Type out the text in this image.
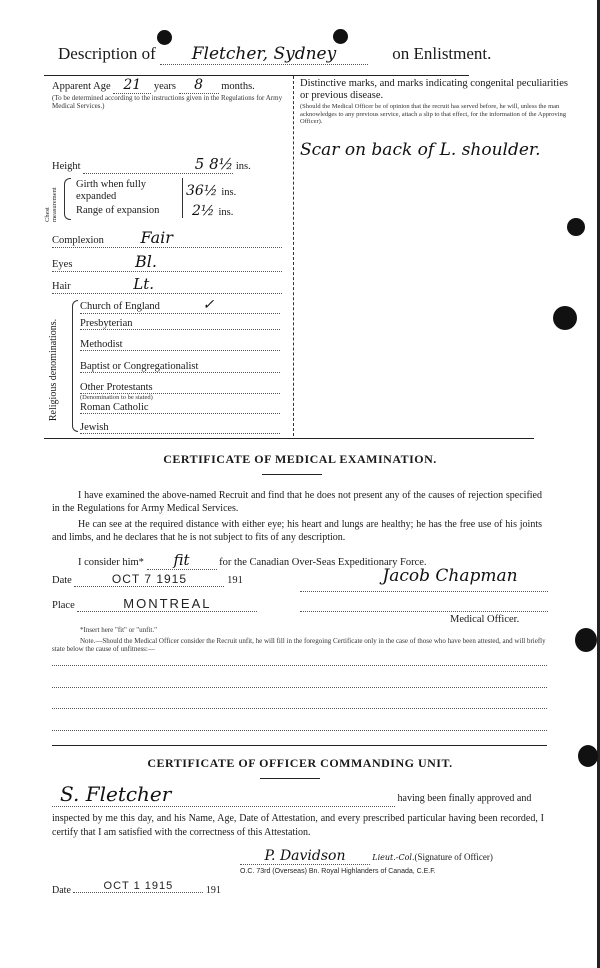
Description of Fletcher, Sydney	on Enlistment.
Apparent Age 21 years 8 months.
(To be determined according to the instructions given in the Regulations for Army Medical Services.)
Distinctive marks, and marks indicating congenital peculiarities or previous disease.
(Should the Medical Officer be of opinion that the recruit has served before, he will, unless the man acknowledges to any previous service, attach a slip to that effect, for the information of the Approving Officer).
Scar on back of L. shoulder.
Height	5 8½ ins.
Chest measurement
Girth when fully expanded	36½ ins.
Range of expansion	2½ ins.
Complexion Fair
Eyes	Bl.
Hair	Lt.
Religious denominations.
Church of England	✓
Presbyterian
Methodist
Baptist or Congregationalist
Other Protestants
(Denomination to be stated)
Roman Catholic
Jewish
CERTIFICATE OF MEDICAL EXAMINATION.
I have examined the above-named Recruit and find that he does not present any of the causes of rejection specified in the Regulations for Army Medical Services.
He can see at the required distance with either eye; his heart and lungs are healthy; he has the free use of his joints and limbs, and he declares that he is not subject to fits of any description.
I consider him* fit	for the Canadian Over-Seas Expeditionary Force.
Date	OCT 7 1915	191	Jacob Chapman
Place	MONTREAL
Medical Officer.
*Insert here "fit" or "unfit."
Note.—Should the Medical Officer consider the Recruit unfit, he will fill in the foregoing Certificate only in the case of those who have been attested, and will briefly state below the cause of unfitness:—
CERTIFICATE OF OFFICER COMMANDING UNIT.
S. Fletcher	having been finally approved and
inspected by me this day, and his Name, Age, Date of Attestation, and every prescribed particular having been recorded, I certify that I am satisfied with the correctness of this Attestation.
P. Davidson	Lieut.-Col.(Signature of Officer)
O.C. 73rd (Overseas) Bn. Royal Highlanders of Canada, C.E.F.
Date	OCT 1 1915	191
